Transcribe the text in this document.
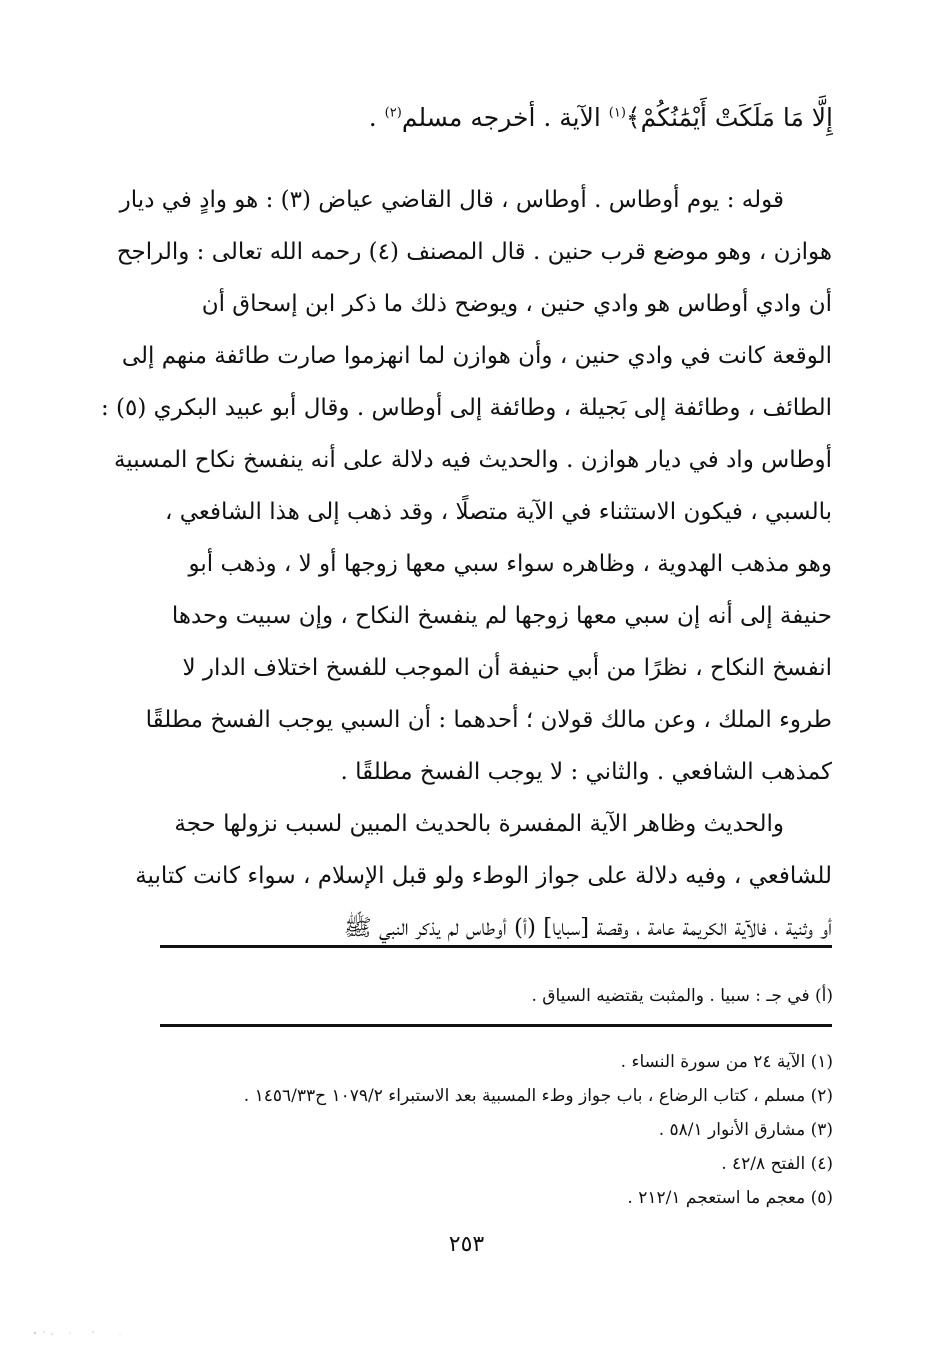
إِلَّا مَا مَلَكَتْ أَيْمَٰنُكُمْ﴾$^{(١)}$ الآية . أخرجه مسلم$^{(٢)}$ .
قوله : يوم أوطاس . أوطاس ، قال القاضي عياض (٣) : هو وادٍ في ديار
هوازن ، وهو موضع قرب حنين . قال المصنف (٤) رحمه الله تعالى : والراجح
أن وادي أوطاس هو وادي حنين ، ويوضح ذلك ما ذكر ابن إسحاق أن
الوقعة كانت في وادي حنين ، وأن هوازن لما انهزموا صارت طائفة منهم إلى
الطائف ، وطائفة إلى بَجيلة ، وطائفة إلى أوطاس . وقال أبو عبيد البكري (٥) :
أوطاس واد في ديار هوازن . والحديث فيه دلالة على أنه ينفسخ نكاح المسبية
بالسبي ، فيكون الاستثناء في الآية متصلًا ، وقد ذهب إلى هذا الشافعي ،
وهو مذهب الهدوية ، وظاهره سواء سبي معها زوجها أو لا ، وذهب أبو
حنيفة إلى أنه إن سبي معها زوجها لم ينفسخ النكاح ، وإن سبيت وحدها
انفسخ النكاح ، نظرًا من أبي حنيفة أن الموجب للفسخ اختلاف الدار لا
طروء الملك ، وعن مالك قولان ؛ أحدهما : أن السبي يوجب الفسخ مطلقًا
كمذهب الشافعي . والثاني : لا يوجب الفسخ مطلقًا .
والحديث وظاهر الآية المفسرة بالحديث المبين لسبب نزولها حجة
للشافعي ، وفيه دلالة على جواز الوطء ولو قبل الإسلام ، سواء كانت كتابية
أو وثنية ، فالآية الكريمة عامة ، وقصة [سبايا] (أ) أوطاس لم يذكر النبي ﷺ
(أ) في جـ : سبيا . والمثبت يقتضيه السياق .
(١) الآية ٢٤ من سورة النساء .
(٢) مسلم ، كتاب الرضاع ، باب جواز وطء المسبية بعد الاستبراء ١٠٧٩/٢ ح١٤٥٦/٣٣ .
(٣) مشارق الأنوار ٥٨/١ .
(٤) الفتح ٤٢/٨ .
(٥) معجم ما استعجم ٢١٢/١ .
٢٥٣
